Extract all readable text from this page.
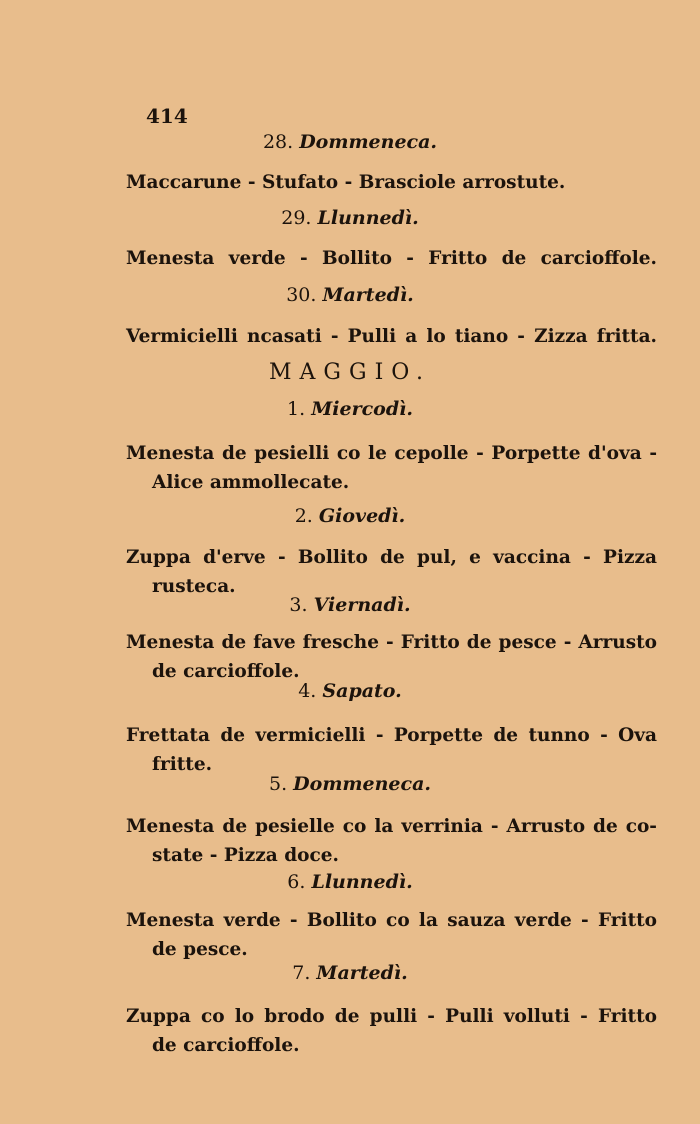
414
28. Dommeneca.
Maccarune - Stufato - Brasciole arrostute.
29. Llunnedì.
Menesta verde - Bollito - Fritto de carcioffole.
30. Martedì.
Vermicielli ncasati - Pulli a lo tiano - Zizza fritta.
MAGGIO.
1. Miercodì.
Menesta de pesielli co le cepolle - Porpette d'ova -
Alice ammollecate.
2. Giovedì.
Zuppa d'erve - Bollito de pul, e vaccina - Pizza
rusteca.
3. Viernadì.
Menesta de fave fresche - Fritto de pesce - Arrusto
de carcioffole.
4. Sapato.
Frettata de vermicielli - Porpette de tunno - Ova
fritte.
5. Dommeneca.
Menesta de pesielle co la verrinia - Arrusto de co-
state - Pizza doce.
6. Llunnedì.
Menesta verde - Bollito co la sauza verde - Fritto
de pesce.
7. Martedì.
Zuppa co lo brodo de pulli - Pulli volluti - Fritto
de carcioffole.
